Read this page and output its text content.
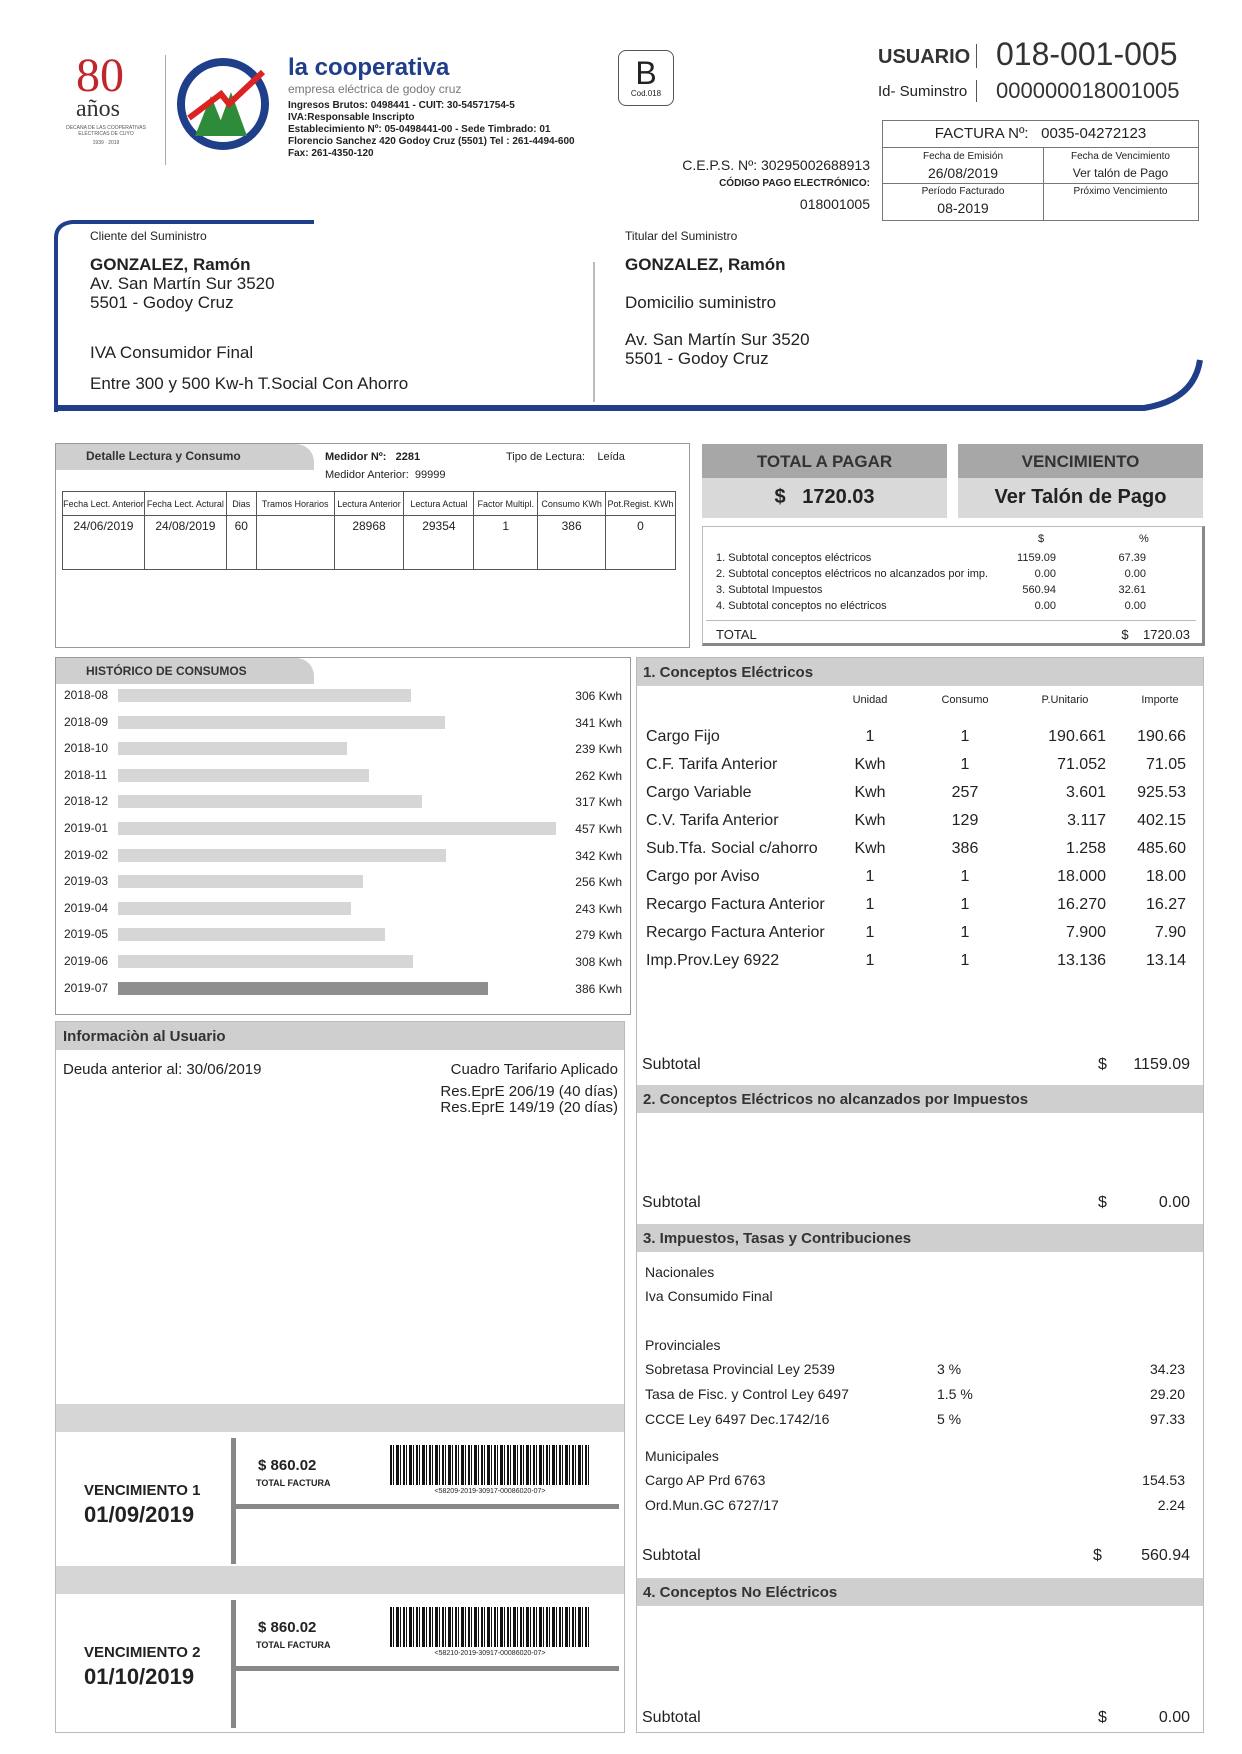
80
años
DECANA DE LAS COOPERATIVAS ELÉCTRICAS DE CUYO
1939 · 2019
la cooperativa
empresa eléctrica de godoy cruz
Ingresos Brutos: 0498441 - CUIT: 30-54571754-5
IVA:Responsable Inscripto
Establecimiento Nº: 05-0498441-00 - Sede Timbrado: 01
Florencio Sanchez 420 Godoy Cruz (5501) Tel : 261-4494-600
Fax: 261-4350-120
B
Cod.018
USUARIO 018-001-005
Id- Suminstro 000000018001005
C.E.P.S. Nº: 30295002688913
CÓDIGO PAGO ELECTRÓNICO:
018001005
FACTURA Nº: 0035-04272123
Fecha de Emisión
26/08/2019
Fecha de Vencimiento
Ver talón de Pago
Período Facturado
08-2019
Próximo Vencimiento
Cliente del Suministro
GONZALEZ, Ramón
Av. San Martín Sur 3520
5501 - Godoy Cruz
IVA Consumidor Final
Entre 300 y 500 Kw-h T.Social Con Ahorro
Titular del Suministro
GONZALEZ, Ramón
Domicilio suministro
Av. San Martín Sur 3520
5501 - Godoy Cruz
Detalle Lectura y Consumo	Medidor Nº: 2281	Tipo de Lectura: Leída
Medidor Anterior: 99999
Fecha Lect. Anterior	Fecha Lect. Actural	Dias	Tramos Horarios	Lectura Anterior	Lectura Actual	Factor Multipl.	Consumo KWh	Pot.Regist. KWh
24/06/2019	24/08/2019	60		28968	29354	1	386	0
TOTAL A PAGAR
$ 1720.03
VENCIMIENTO
Ver Talón de Pago
$	%
1. Subtotal conceptos eléctricos	1159.09	67.39
2. Subtotal conceptos eléctricos no alcanzados por imp.	0.00	0.00
3. Subtotal Impuestos	560.94	32.61
4. Subtotal conceptos no eléctricos	0.00	0.00
TOTAL	$ 1720.03
HISTÓRICO DE CONSUMOS
2018-08	306 Kwh
2018-09	341 Kwh
2018-10	239 Kwh
2018-11	262 Kwh
2018-12	317 Kwh
2019-01	457 Kwh
2019-02	342 Kwh
2019-03	256 Kwh
2019-04	243 Kwh
2019-05	279 Kwh
2019-06	308 Kwh
2019-07	386 Kwh
Informaciòn al Usuario
Deuda anterior al: 30/06/2019	Cuadro Tarifario Aplicado
Res.EprE 206/19 (40 días)
Res.EprE 149/19 (20 días)
VENCIMIENTO 1
01/09/2019
$ 860.02
TOTAL FACTURA
<58209-2019-30917-00086020-07>
VENCIMIENTO 2
01/10/2019
$ 860.02
TOTAL FACTURA
<58210-2019-30917-00086020-07>
1. Conceptos Eléctricos
Unidad	Consumo	P.Unitario	Importe
Cargo Fijo	1	1	190.661	190.66
C.F. Tarifa Anterior	Kwh	1	71.052	71.05
Cargo Variable	Kwh	257	3.601	925.53
C.V. Tarifa Anterior	Kwh	129	3.117	402.15
Sub.Tfa. Social c/ahorro	Kwh	386	1.258	485.60
Cargo por Aviso	1	1	18.000	18.00
Recargo Factura Anterior	1	1	16.270	16.27
Recargo Factura Anterior	1	1	7.900	7.90
Imp.Prov.Ley 6922	1	1	13.136	13.14
Subtotal	$	1159.09
2. Conceptos Eléctricos no alcanzados por Impuestos
Subtotal	$	0.00
3. Impuestos, Tasas y Contribuciones
Nacionales
Iva Consumido Final
Provinciales
Sobretasa Provincial Ley 2539	3 %	34.23
Tasa de Fisc. y Control Ley 6497	1.5 %	29.20
CCCE Ley 6497 Dec.1742/16	5 %	97.33
Municipales
Cargo AP Prd 6763	154.53
Ord.Mun.GC 6727/17	2.24
Subtotal	$	560.94
4. Conceptos No Eléctricos
Subtotal	$	0.00
